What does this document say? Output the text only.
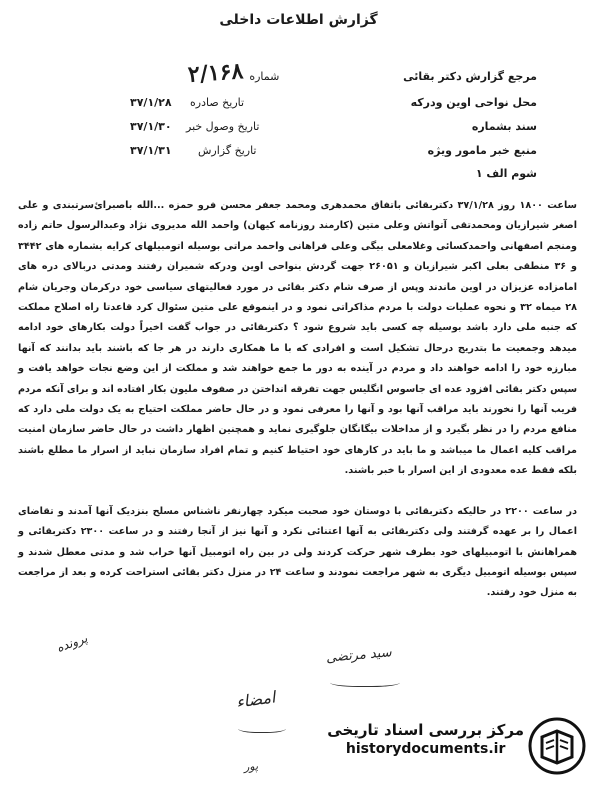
گزارش اطلاعات داخلی
مرجع گزارش دکتر بقائی
محل نواحی اوین ودرکه
سند بشماره
منبع خبر مامور ویژه
شوم الف ۱
شماره
۲/۱۶۸
تاریخ صادره
۳۷/۱/۲۸
تاریخ وصول خبر
۳۷/۱/۳۰
تاریخ گزارش
۳۷/۱/۳۱

ساعت ۱۸۰۰ روز ۳۷/۱/۲۸ دکتربقائی باتفاق محمدهری ومحمد جعفر محسن فرو حمزه ...الله باصبرائ‌سرتبندی و علی اصغر شیرازیان ومحمدتقی آتواتش وعلی متین (کارمند روزنامه کیهان) واحمد الله مدیروی نژاد وعبدالرسول حاتم زاده ومنجم اصفهانی واحمدکسائی وغلامعلی بیگی وعلی فراهانی واحمد مراتی بوسیله اتومبیلهای کرایه بشماره های ۳۴۴۲ و ۳۶ منطقی بعلی اکبر شیرازیان و ۲۶۰۵۱ جهت گردش بنواحی اوین ودرکه شمیران رفتند ومدتی دربالای دره های امامزاده عزیزان در اوین ماندند وپس از صرف شام دکتر بقائی در مورد فعالیتهای سیاسی خود درکرمان وجریان شام ۲۸ میماه ۳۲ و نحوه عملیات دولت با مردم مذاکراتی نمود و در اینموقع علی متین سئوال کرد قاعدتا راه اصلاح مملکت که جنبه ملی دارد باشد بوسیله چه کسی باید شروع شود ؟ دکتربقائی در جواب گفت اخیراً دولت بکارهای خود ادامه میدهد وجمعیت ما بتدریج درحال تشکیل است و افرادی که با ما همکاری دارند در هر جا که باشند باید بدانند که آنها مبارزه خود را ادامه خواهند داد و مردم در آینده به دور ما جمع خواهند شد و مملکت از این وضع نجات خواهد یافت و سپس دکتر بقائی افزود عده ای جاسوس انگلیس جهت تفرقه انداختن در صفوف ملیون بکار افتاده اند و برای آنکه مردم فریب آنها را نخورند باید مراقب آنها بود و آنها را معرفی نمود و در حال حاضر مملکت احتیاج به یک دولت ملی دارد که منافع مردم را در نظر بگیرد و از مداخلات بیگانگان جلوگیری نماید و همچنین اظهار داشت در حال حاضر سازمان امنیت مراقب کلیه اعمال ما میباشد و ما باید در کارهای خود احتیاط کنیم و تمام افراد سازمان نباید از اسرار ما مطلع باشند بلکه فقط عده معدودی از این اسرار با خبر باشند.

در ساعت ۲۲۰۰ در حالیکه دکتربقائی با دوستان خود صحبت میکرد چهارنفر ناشناس مسلح بنزدیک آنها آمدند و تقاضای اعمال را بر عهده گرفتند ولی دکتربقائی به آنها اعتنائی نکرد و آنها نیز از آنجا رفتند و در ساعت ۲۳۰۰ دکتربقائی و همراهانش با اتومبیلهای خود بطرف شهر حرکت کردند ولی در بین راه اتومبیل آنها خراب شد و مدتی معطل شدند و سپس بوسیله اتومبیل دیگری به شهر مراجعت نمودند و ساعت ۲۴ در منزل دکتر بقائی استراحت کرده و بعد از مراجعت به منزل خود رفتند.

سید مرتضی
امضاء
پور
پرونده
مرکز بررسی اسناد تاریخی
historydocuments.ir
